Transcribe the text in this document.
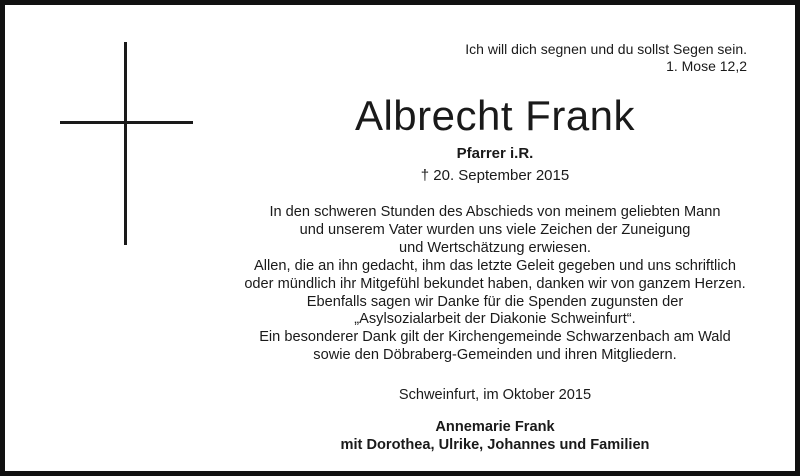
Ich will dich segnen und du sollst Segen sein.
1. Mose 12,2
Albrecht Frank
Pfarrer i.R.
† 20. September 2015
In den schweren Stunden des Abschieds von meinem geliebten Mann
und unserem Vater wurden uns viele Zeichen der Zuneigung
und Wertschätzung erwiesen.
Allen, die an ihn gedacht, ihm das letzte Geleit gegeben und uns schriftlich
oder mündlich ihr Mitgefühl bekundet haben, danken wir von ganzem Herzen.
Ebenfalls sagen wir Danke für die Spenden zugunsten der
„Asylsozialarbeit der Diakonie Schweinfurt“.
Ein besonderer Dank gilt der Kirchengemeinde Schwarzenbach am Wald
sowie den Döbraberg-Gemeinden und ihren Mitgliedern.
Schweinfurt, im Oktober 2015
Annemarie Frank
mit Dorothea, Ulrike, Johannes und Familien
